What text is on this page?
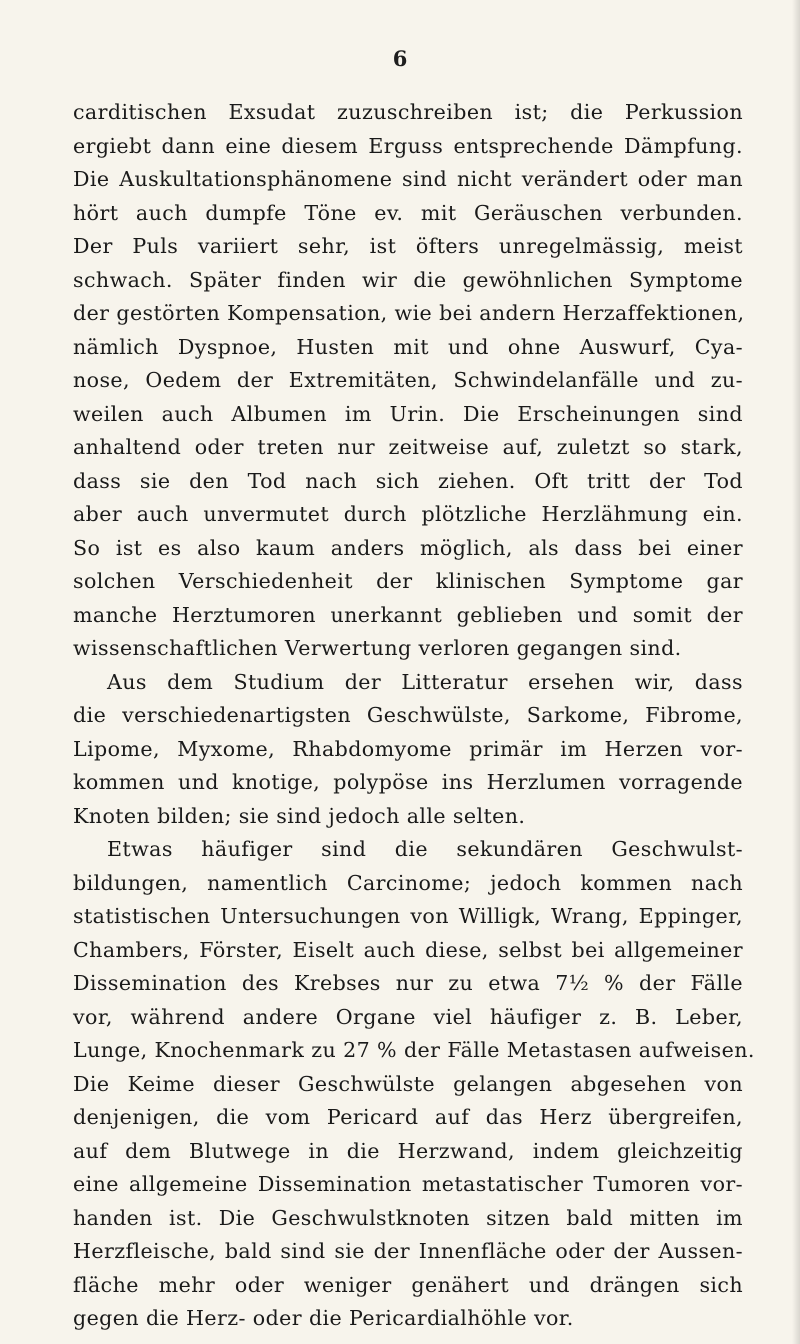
6
carditischen Exsudat zuzuschreiben ist; die Perkussion
ergiebt dann eine diesem Erguss entsprechende Dämpfung.
Die Auskultationsphänomene sind nicht verändert oder man
hört auch dumpfe Töne ev. mit Geräuschen verbunden.
Der Puls variiert sehr, ist öfters unregelmässig, meist
schwach. Später finden wir die gewöhnlichen Symptome
der gestörten Kompensation, wie bei andern Herzaffektionen,
nämlich Dyspnoe, Husten mit und ohne Auswurf, Cya-
nose, Oedem der Extremitäten, Schwindelanfälle und zu-
weilen auch Albumen im Urin. Die Erscheinungen sind
anhaltend oder treten nur zeitweise auf, zuletzt so stark,
dass sie den Tod nach sich ziehen. Oft tritt der Tod
aber auch unvermutet durch plötzliche Herzlähmung ein.
So ist es also kaum anders möglich, als dass bei einer
solchen Verschiedenheit der klinischen Symptome gar
manche Herztumoren unerkannt geblieben und somit der
wissenschaftlichen Verwertung verloren gegangen sind.
Aus dem Studium der Litteratur ersehen wir, dass
die verschiedenartigsten Geschwülste, Sarkome, Fibrome,
Lipome, Myxome, Rhabdomyome primär im Herzen vor-
kommen und knotige, polypöse ins Herzlumen vorragende
Knoten bilden; sie sind jedoch alle selten.
Etwas häufiger sind die sekundären Geschwulst-
bildungen, namentlich Carcinome; jedoch kommen nach
statistischen Untersuchungen von Willigk, Wrang, Eppinger,
Chambers, Förster, Eiselt auch diese, selbst bei allgemeiner
Dissemination des Krebses nur zu etwa 7½ % der Fälle
vor, während andere Organe viel häufiger z. B. Leber,
Lunge, Knochenmark zu 27 % der Fälle Metastasen aufweisen.
Die Keime dieser Geschwülste gelangen abgesehen von
denjenigen, die vom Pericard auf das Herz übergreifen,
auf dem Blutwege in die Herzwand, indem gleichzeitig
eine allgemeine Dissemination metastatischer Tumoren vor-
handen ist. Die Geschwulstknoten sitzen bald mitten im
Herzfleische, bald sind sie der Innenfläche oder der Aussen-
fläche mehr oder weniger genähert und drängen sich
gegen die Herz- oder die Pericardialhöhle vor.
